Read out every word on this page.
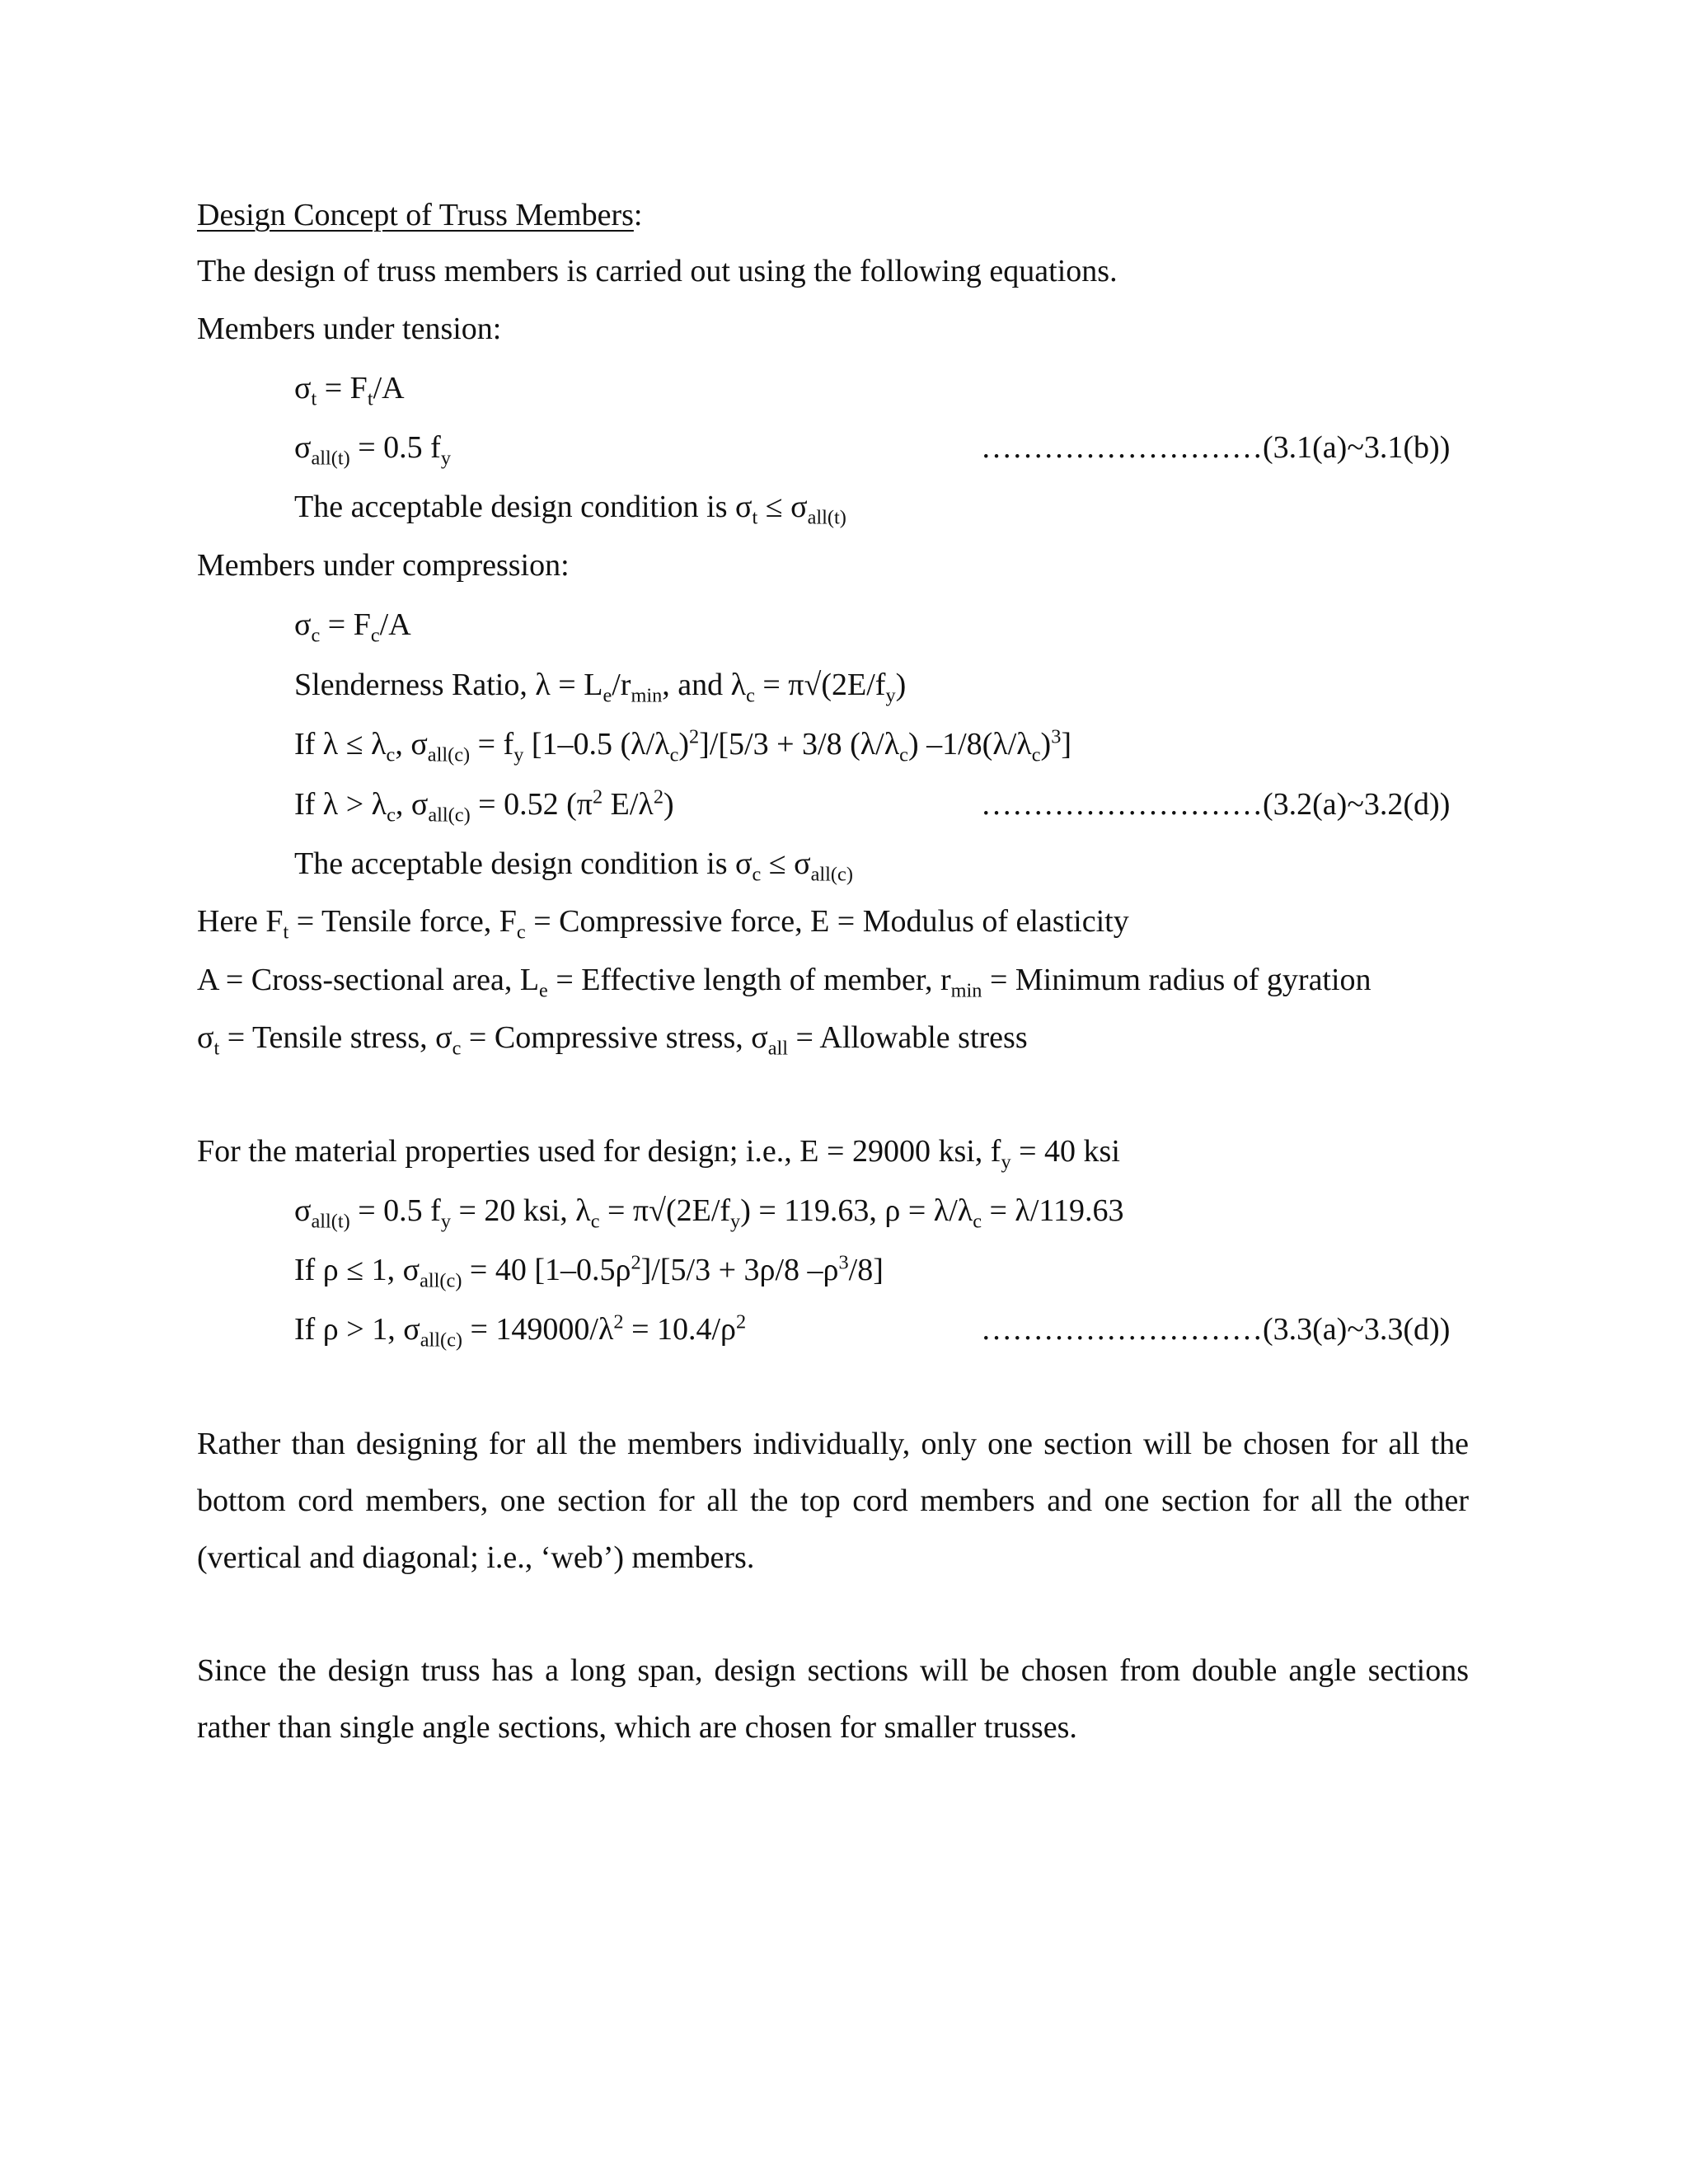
Design Concept of Truss Members:
The design of truss members is carried out using the following equations.
Members under tension:
$\sigma_t = F_t/A$
$\sigma_{all(t)} = 0.5$ $f_y$	………………………(3.1(a)~3.1(b))
The acceptable design condition is $\sigma_t \le \sigma_{all(t)}$
Members under compression:
$\sigma_c = F_c/A$
Slenderness Ratio, $\lambda = L_e/r_{min}$, and $\lambda_c = \pi√(2E/f_y)$
If $\lambda \le \lambda_c$, $\sigma_{all(c)} = f_y$ [1–0.5 $(\lambda/\lambda_c)^2]/[5/3 + 3/8$ $(\lambda/\lambda_c)$ $-1/8(\lambda/\lambda_c)^3$]
If $\lambda > \lambda_c$, $\sigma_{all(c)} = 0.52$ ($\pi^2$ $E/\lambda^2$)	………………………(3.2(a)~3.2(d))
The acceptable design condition is $\sigma_c \le \sigma_{all(c)}$
Here $F_t$ = Tensile force, $F_c$ = Compressive force, E = Modulus of elasticity
A = Cross-sectional area, $L_e$ = Effective length of member, $r_{min}$ = Minimum radius of gyration
$\sigma_t$ = Tensile stress, $\sigma_c$ = Compressive stress, $\sigma_{all}$ = Allowable stress
For the material properties used for design; i.e., E = 29000 ksi, $f_y = 40$ ksi
$\sigma_{all(t)} = 0.5$ $f_y = 20$ ksi, $\lambda_c = \pi√(2E/f_y) = 119.63$, $\rho = \lambda/\lambda_c = \lambda/119.63$
If ρ ≤ 1, $\sigma_{all(c)} = 40$ $[1-0.5\rho^2]/[5/3 + 3\rho/8$ $-\rho^3/8$]
If ρ > 1, $\sigma_{all(c)} = 149000/\lambda^2 = 10.4/\rho^2$	………………………(3.3(a)~3.3(d))
Rather than designing for all the members individually, only one section will be chosen for all the bottom cord members, one section for all the top cord members and one section for all the other (vertical and diagonal; i.e., ‘web’) members.
Since the design truss has a long span, design sections will be chosen from double angle sections rather than single angle sections, which are chosen for smaller trusses.
